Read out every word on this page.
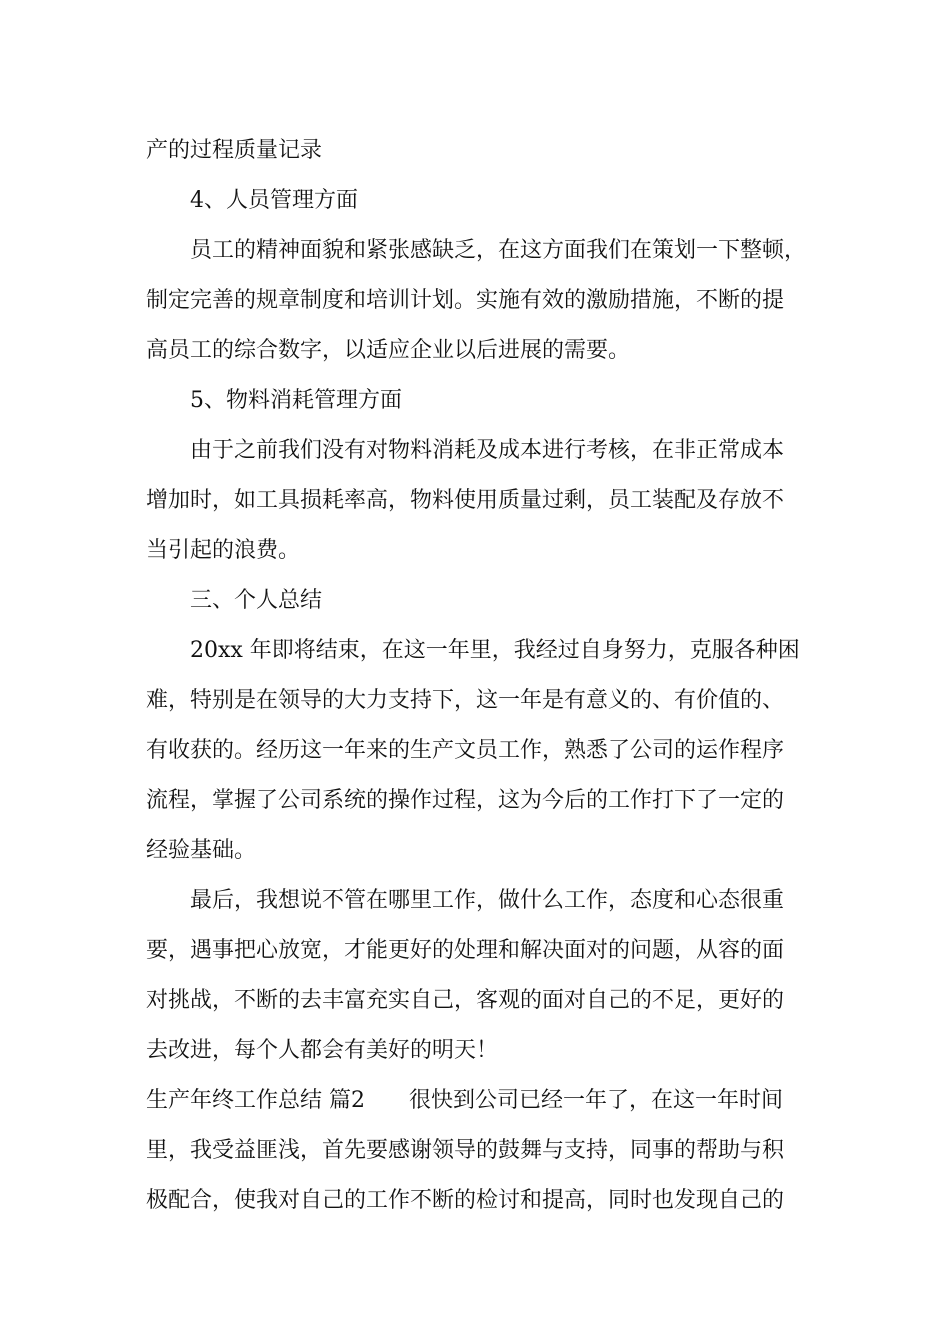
产的过程质量记录
4、人员管理方面
员工的精神面貌和紧张感缺乏，在这方面我们在策划一下整顿，
制定完善的规章制度和培训计划。实施有效的激励措施，不断的提
高员工的综合数字，以适应企业以后进展的需要。
5、物料消耗管理方面
由于之前我们没有对物料消耗及成本进行考核，在非正常成本
增加时，如工具损耗率高，物料使用质量过剩，员工装配及存放不
当引起的浪费。
三、个人总结
20xx 年即将结束，在这一年里，我经过自身努力，克服各种困
难，特别是在领导的大力支持下，这一年是有意义的、有价值的、
有收获的。经历这一年来的生产文员工作，熟悉了公司的运作程序
流程，掌握了公司系统的操作过程，这为今后的工作打下了一定的
经验基础。
最后，我想说不管在哪里工作，做什么工作，态度和心态很重
要，遇事把心放宽，才能更好的处理和解决面对的问题，从容的面
对挑战，不断的去丰富充实自己，客观的面对自己的不足，更好的
去改进，每个人都会有美好的明天！
生产年终工作总结 篇2　　很快到公司已经一年了，在这一年时间
里，我受益匪浅，首先要感谢领导的鼓舞与支持，同事的帮助与积
极配合，使我对自己的工作不断的检讨和提高，同时也发现自己的
